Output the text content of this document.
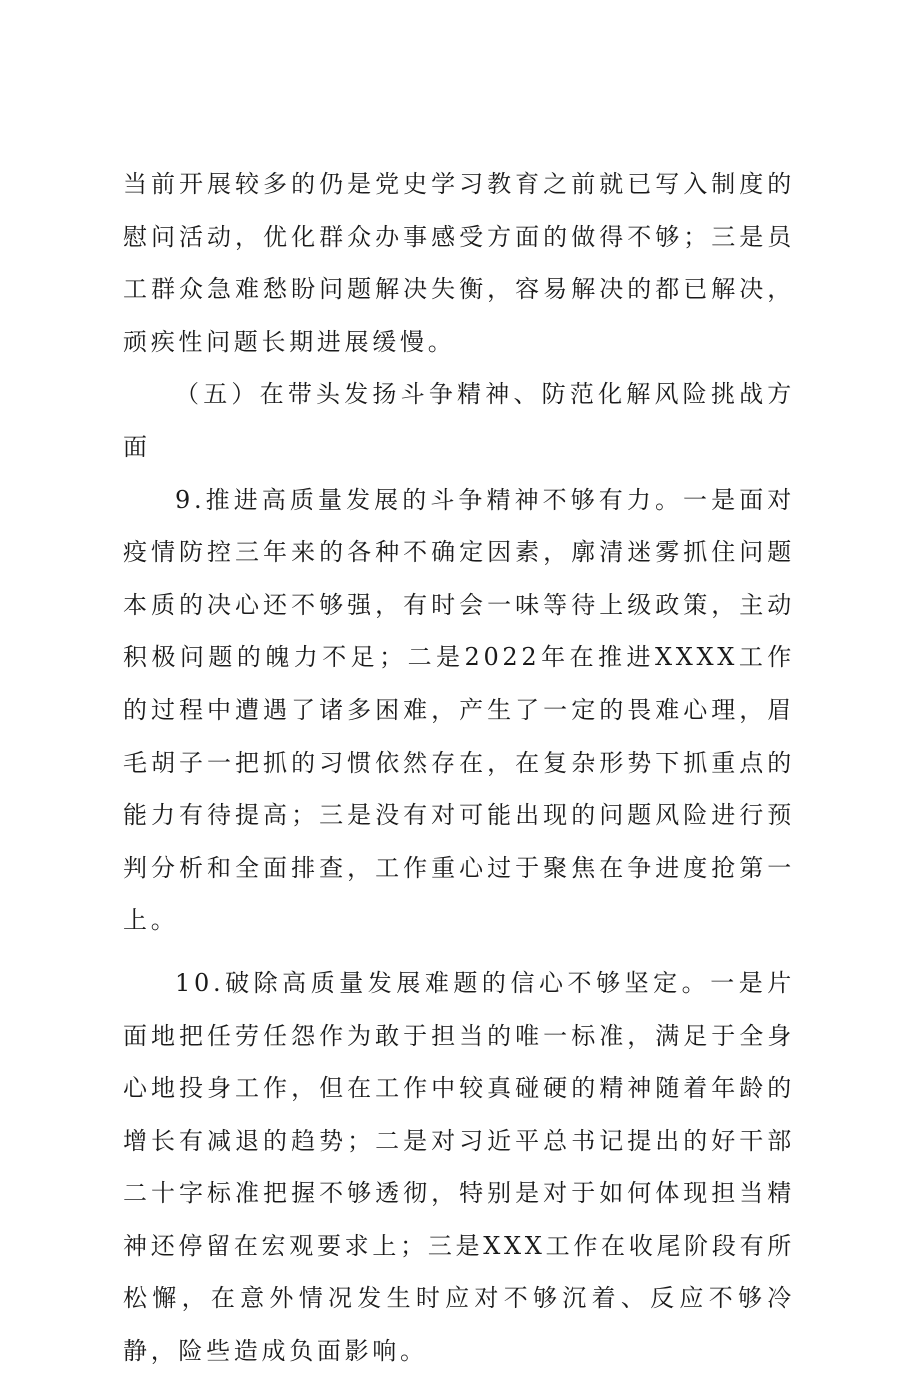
当前开展较多的仍是党史学习教育之前就已写入制度的慰问活动，优化群众办事感受方面的做得不够；三是员工群众急难愁盼问题解决失衡，容易解决的都已解决，顽疾性问题长期进展缓慢。

（五）在带头发扬斗争精神、防范化解风险挑战方面

9.推进高质量发展的斗争精神不够有力。一是面对疫情防控三年来的各种不确定因素，廓清迷雾抓住问题本质的决心还不够强，有时会一味等待上级政策，主动积极问题的魄力不足；二是2022年在推进XXXX工作的过程中遭遇了诸多困难，产生了一定的畏难心理，眉毛胡子一把抓的习惯依然存在，在复杂形势下抓重点的能力有待提高；三是没有对可能出现的问题风险进行预判分析和全面排查，工作重心过于聚焦在争进度抢第一上。

10.破除高质量发展难题的信心不够坚定。一是片面地把任劳任怨作为敢于担当的唯一标准，满足于全身心地投身工作，但在工作中较真碰硬的精神随着年龄的增长有减退的趋势；二是对习近平总书记提出的好干部二十字标准把握不够透彻，特别是对于如何体现担当精神还停留在宏观要求上；三是XXX工作在收尾阶段有所松懈，在意外情况发生时应对不够沉着、反应不够冷静，险些造成负面影响。
